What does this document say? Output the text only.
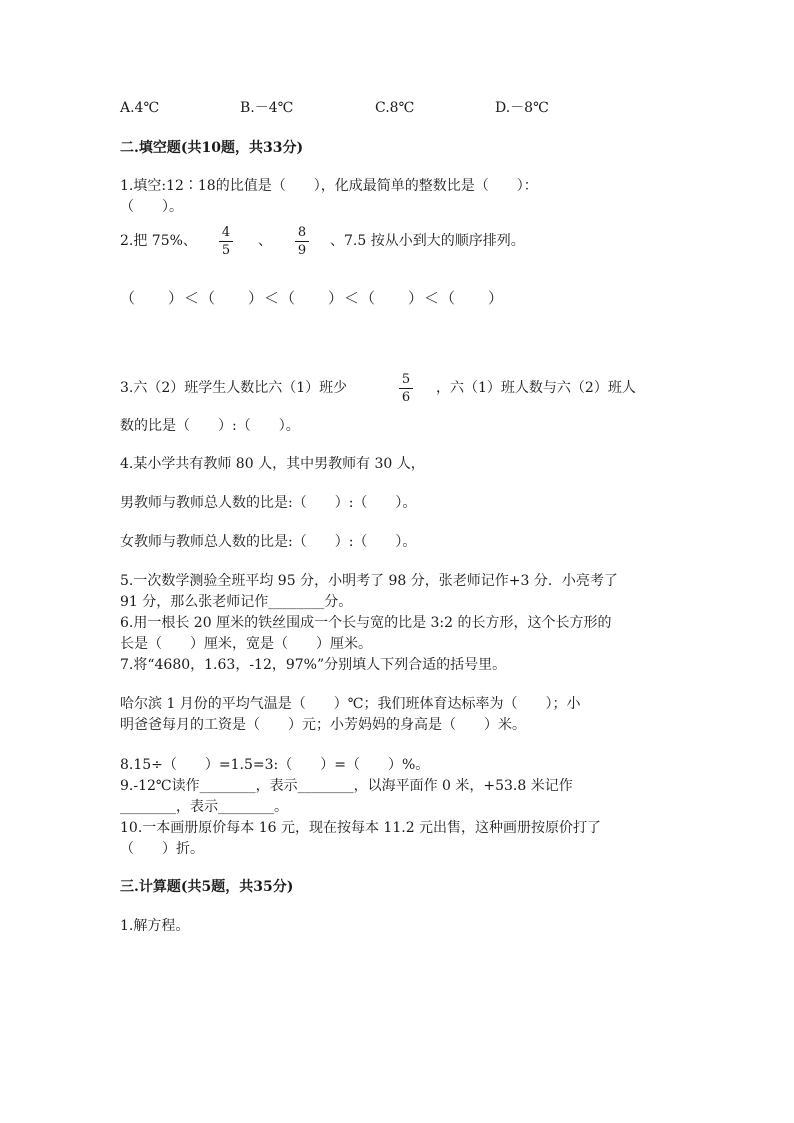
A.4℃	B.－4℃	C.8℃	D.－8℃
二.填空题(共10题，共33分)
1.填空:12∶18的比值是（　　），化成最简单的整数比是（　　）：
（　　）。
2.把 75%、
4
5
、
8
9
、7.5 按从小到大的顺序排列。
（　　）＜（　　）＜（　　）＜（　　）＜（　　）
3.六（2）班学生人数比六（1）班少
5
6
，六（1）班人数与六（2）班人
数的比是（　　）:（　　）。
4.某小学共有教师 80 人，其中男教师有 30 人，
男教师与教师总人数的比是:（　　）:（　　）。
女教师与教师总人数的比是:（　　）:（　　）。
5.一次数学测验全班平均 95 分，小明考了 98 分，张老师记作+3 分．小亮考了
91 分，那么张老师记作________分。
6.用一根长 20 厘米的铁丝围成一个长与宽的比是 3:2 的长方形，这个长方形的
长是（　　）厘米，宽是（　　）厘米。
7.将“4680，1.63，-12，97%”分别填人下列合适的括号里。
哈尔滨 1 月份的平均气温是（　　）℃；我们班体育达标率为（　　）；小
明爸爸每月的工资是（　　）元；小芳妈妈的身高是（　　）米。
8.15÷（　　）=1.5=3:（　　）=（　　）%。
9.-12℃读作________，表示________，以海平面作 0 米，+53.8 米记作
________，表示________。
10.一本画册原价每本 16 元，现在按每本 11.2 元出售，这种画册按原价打了
（　　）折。
三.计算题(共5题，共35分)
1.解方程。
